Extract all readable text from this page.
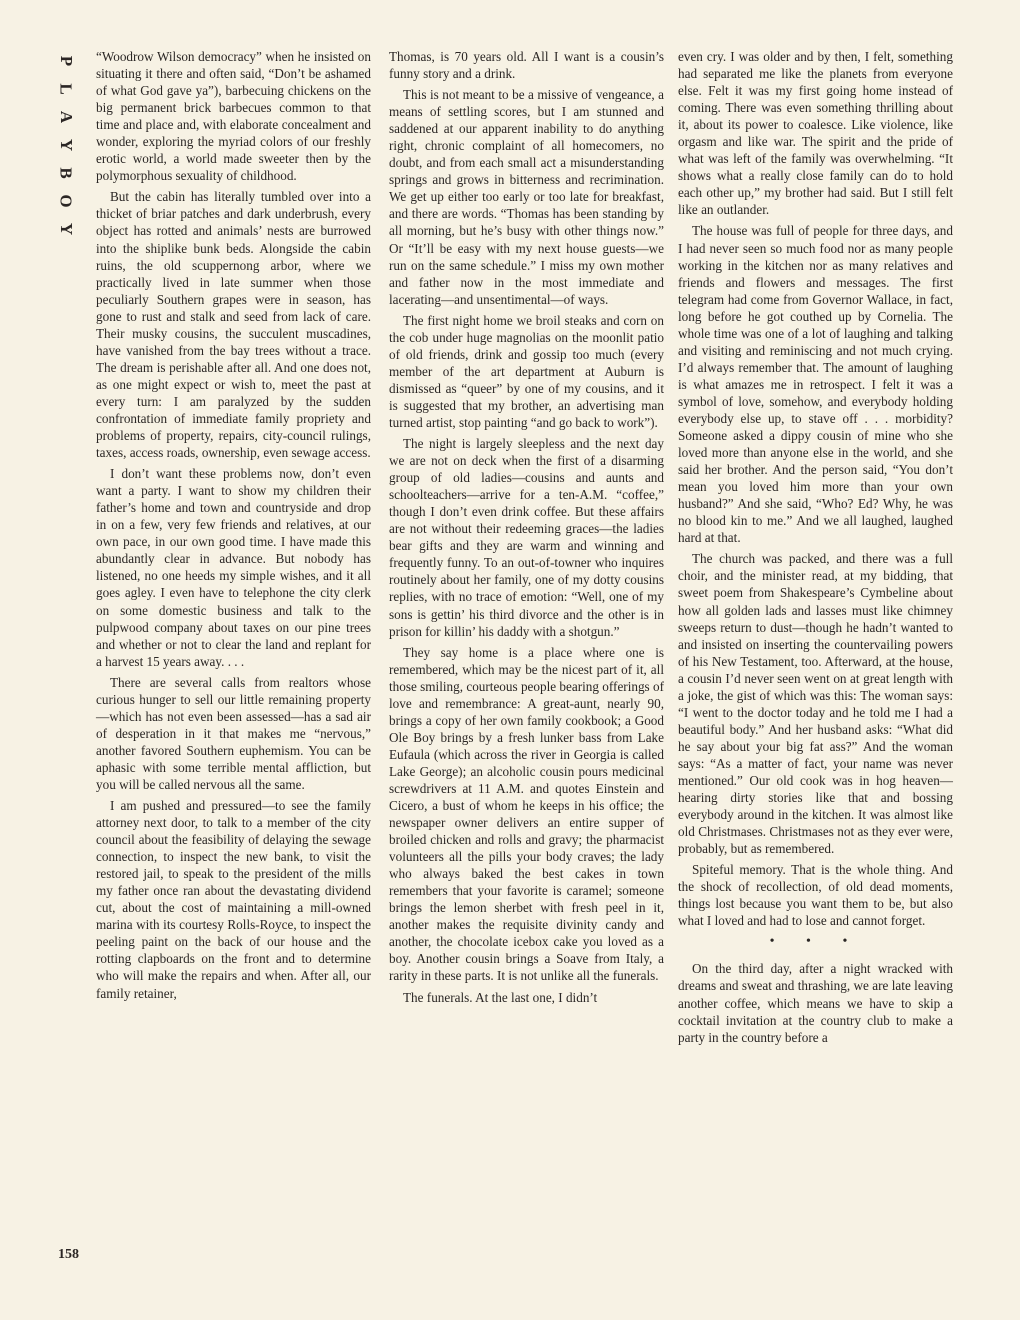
P
L
A
Y
B
O
Y
158

“Woodrow Wilson democracy” when he insisted on situating it there and often said, “Don’t be ashamed of what God gave ya”), barbecuing chickens on the big permanent brick barbecues common to that time and place and, with elaborate concealment and wonder, exploring the myriad colors of our freshly erotic world, a world made sweeter then by the polymorphous sexuality of childhood.

But the cabin has literally tumbled over into a thicket of briar patches and dark underbrush, every object has rotted and animals’ nests are burrowed into the shiplike bunk beds. Alongside the cabin ruins, the old scuppernong arbor, where we practically lived in late summer when those peculiarly Southern grapes were in season, has gone to rust and stalk and seed from lack of care. Their musky cousins, the succulent muscadines, have vanished from the bay trees without a trace. The dream is perishable after all. And one does not, as one might expect or wish to, meet the past at every turn: I am paralyzed by the sudden confrontation of immediate family propriety and problems of property, repairs, city-council rulings, taxes, access roads, ownership, even sewage access.

I don’t want these problems now, don’t even want a party. I want to show my children their father’s home and town and countryside and drop in on a few, very few friends and relatives, at our own pace, in our own good time. I have made this abundantly clear in advance. But nobody has listened, no one heeds my simple wishes, and it all goes agley. I even have to telephone the city clerk on some domestic business and talk to the pulpwood company about taxes on our pine trees and whether or not to clear the land and replant for a harvest 15 years away. . . .

There are several calls from realtors whose curious hunger to sell our little remaining property—which has not even been assessed—has a sad air of desperation in it that makes me “nervous,” another favored Southern euphemism. You can be aphasic with some terrible mental affliction, but you will be called nervous all the same.

I am pushed and pressured—to see the family attorney next door, to talk to a member of the city council about the feasibility of delaying the sewage connection, to inspect the new bank, to visit the restored jail, to speak to the president of the mills my father once ran about the devastating dividend cut, about the cost of maintaining a mill-owned marina with its courtesy Rolls-Royce, to inspect the peeling paint on the back of our house and the rotting clapboards on the front and to determine who will make the repairs and when. After all, our family retainer,

Thomas, is 70 years old. All I want is a cousin’s funny story and a drink.

This is not meant to be a missive of vengeance, a means of settling scores, but I am stunned and saddened at our apparent inability to do anything right, chronic complaint of all homecomers, no doubt, and from each small act a misunderstanding springs and grows in bitterness and recrimination. We get up either too early or too late for breakfast, and there are words. “Thomas has been standing by all morning, but he’s busy with other things now.” Or “It’ll be easy with my next house guests—we run on the same schedule.” I miss my own mother and father now in the most immediate and lacerating—and unsentimental—of ways.

The first night home we broil steaks and corn on the cob under huge magnolias on the moonlit patio of old friends, drink and gossip too much (every member of the art department at Auburn is dismissed as “queer” by one of my cousins, and it is suggested that my brother, an advertising man turned artist, stop painting “and go back to work”).

The night is largely sleepless and the next day we are not on deck when the first of a disarming group of old ladies—cousins and aunts and schoolteachers—arrive for a ten-A.M. “coffee,” though I don’t even drink coffee. But these affairs are not without their redeeming graces—the ladies bear gifts and they are warm and winning and frequently funny. To an out-of-towner who inquires routinely about her family, one of my dotty cousins replies, with no trace of emotion: “Well, one of my sons is gettin’ his third divorce and the other is in prison for killin’ his daddy with a shotgun.”

They say home is a place where one is remembered, which may be the nicest part of it, all those smiling, courteous people bearing offerings of love and remembrance: A great-aunt, nearly 90, brings a copy of her own family cookbook; a Good Ole Boy brings by a fresh lunker bass from Lake Eufaula (which across the river in Georgia is called Lake George); an alcoholic cousin pours medicinal screwdrivers at 11 A.M. and quotes Einstein and Cicero, a bust of whom he keeps in his office; the newspaper owner delivers an entire supper of broiled chicken and rolls and gravy; the pharmacist volunteers all the pills your body craves; the lady who always baked the best cakes in town remembers that your favorite is caramel; someone brings the lemon sherbet with fresh peel in it, another makes the requisite divinity candy and another, the chocolate icebox cake you loved as a boy. Another cousin brings a Soave from Italy, a rarity in these parts. It is not unlike all the funerals.

The funerals. At the last one, I didn’t

even cry. I was older and by then, I felt, something had separated me like the planets from everyone else. Felt it was my first going home instead of coming. There was even something thrilling about it, about its power to coalesce. Like violence, like orgasm and like war. The spirit and the pride of what was left of the family was overwhelming. “It shows what a really close family can do to hold each other up,” my brother had said. But I still felt like an outlander.

The house was full of people for three days, and I had never seen so much food nor as many people working in the kitchen nor as many relatives and friends and flowers and messages. The first telegram had come from Governor Wallace, in fact, long before he got couthed up by Cornelia. The whole time was one of a lot of laughing and talking and visiting and reminiscing and not much crying. I’d always remember that. The amount of laughing is what amazes me in retrospect. I felt it was a symbol of love, somehow, and everybody holding everybody else up, to stave off . . . morbidity? Someone asked a dippy cousin of mine who she loved more than anyone else in the world, and she said her brother. And the person said, “You don’t mean you loved him more than your own husband?” And she said, “Who? Ed? Why, he was no blood kin to me.” And we all laughed, laughed hard at that.

The church was packed, and there was a full choir, and the minister read, at my bidding, that sweet poem from Shakespeare’s Cymbeline about how all golden lads and lasses must like chimney sweeps return to dust—though he hadn’t wanted to and insisted on inserting the countervailing powers of his New Testament, too. Afterward, at the house, a cousin I’d never seen went on at great length with a joke, the gist of which was this: The woman says: “I went to the doctor today and he told me I had a beautiful body.” And her husband asks: “What did he say about your big fat ass?” And the woman says: “As a matter of fact, your name was never mentioned.” Our old cook was in hog heaven—hearing dirty stories like that and bossing everybody around in the kitchen. It was almost like old Christmases. Christmases not as they ever were, probably, but as remembered.

Spiteful memory. That is the whole thing. And the shock of recollection, of old dead moments, things lost because you want them to be, but also what I loved and had to lose and cannot forget.

• • •

On the third day, after a night wracked with dreams and sweat and thrashing, we are late leaving another coffee, which means we have to skip a cocktail invitation at the country club to make a party in the country before a
